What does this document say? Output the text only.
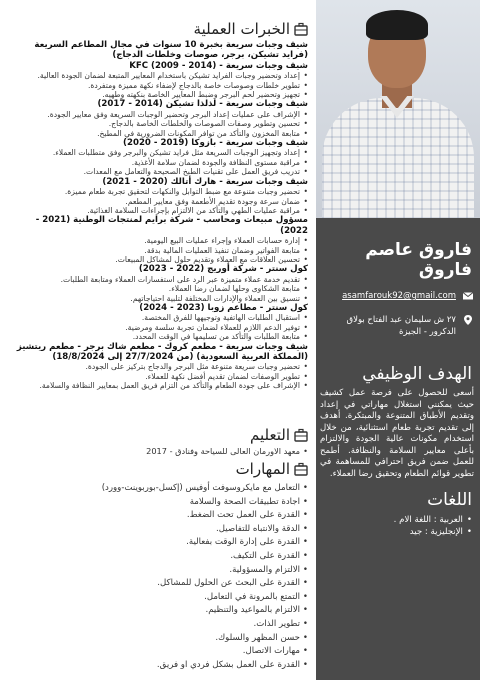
فاروق عاصم فاروق
asamfarouk92@gmail.com
٢٧ ش سليمان عبد الفتاح بولاق الدكرور - الجيزة
الهدف الوظيفي

أسعى للحصول على فرصة عمل كشيف حيث يمكنني استغلال مهاراتي في إعداد وتقديم الأطباق المتنوعة والمبتكرة. أهدف إلى تقديم تجربة طعام استثنائية، من خلال استخدام مكونات عالية الجودة والالتزام بأعلى معايير السلامة والنظافة. أطمح للعمل ضمن فريق احترافي للمساهمة في تطوير قوائم الطعام وتحقيق رضا العملاء.

اللغات
• العربية : اللغة الام .
• الإنجليزية : جيد
الخبرات العملية
شيف وجبات سريعة بخبرة 10 سنوات في مجال المطاعم السريعة (فرايد تشيكن، برجر، صوصات وخلطات الدجاج)
شيف وجبات سريعة - KFC (2009 - 2014)
• إعداد وتحضير وجبات الفرايد تشيكن باستخدام المعايير المتبعة لضمان الجودة العالية.
• تطوير خلطات وصوصات خاصة بالدجاج لإضفاء نكهة مميزة ومتفردة.
• تجهيز وتحضير لحم البرجر وضبط المعايير الخاصة بنكهته وطهيه.
شيف وجبات سريعة - لذلذا تشيكن (2014 - 2017)
• الإشراف على عمليات إعداد البرجر وتحضير الوجبات السريعة وفق معايير الجودة.
• تحسين وتطوير وصفات الصوصات والخلطات الخاصة بالدجاج.
• متابعة المخزون والتأكد من توافر المكونات الضرورية في المطبخ.
شيف وجبات سريعة - بازوكا (2019 - 2020)
• إعداد وتجهيز الوجبات السريعة مثل فرايد تشيكن والبرجر وفق متطلبات العملاء.
• مراقبة مستوى النظافة والجودة لضمان سلامة الأغذية.
• تدريب فريق العمل على تقنيات الطبخ الصحيحة والتعامل مع المعدات.
شيف وجبات سريعة - هارك أتالك (2020 - 2021)
• تحضير وجبات متنوعة مع ضبط التوابل والنكهات لتحقيق تجربة طعام مميزة.
• ضمان سرعة وجودة تقديم الأطعمة وفق معايير المطعم.
• مراقبة عمليات الطهي والتأكد من الالتزام بإجراءات السلامة الغذائية.
مسؤول مبيعات ومحاسب - شركة برايم لمنتجات الوطنية (2021 - 2022)
• إدارة حسابات العملاء وإجراء عمليات البيع اليومية.
• متابعة الفواتير وضمان تنفيذ العمليات المالية بدقة.
• تحسين العلاقات مع العملاء وتقديم حلول لمشاكل المبيعات.
كول سنتر - شركة أوريج (2022 - 2023)
• تقديم خدمة عملاء متميزة عبر الرد على استفسارات العملاء ومتابعة الطلبات.
• متابعة الشكاوى وحلها لضمان رضا العملاء.
• تنسيق بين العملاء والإدارات المختلفة لتلبية احتياجاتهم.
كول سنتر - مطاعم زوبا (2023 - 2024)
• استقبال الطلبات الهاتفية وتوجيهها للفرق المختصة.
• توفير الدعم اللازم للعملاء لضمان تجربة سلسة ومرضية.
• متابعة الطلبات والتأكد من تسليمها في الوقت المحدد.
شيف وجبات سريعة - مطعم كروك - مطعم شاك برجر - مطعم ريتشيز (المملكة العربية السعودية) (من 27/7/2024 إلى 18/8/2024)
• تحضير وجبات سريعة متنوعة مثل البرجر والدجاج بتركيز على الجودة.
• تطوير الوصفات لضمان تقديم أفضل نكهة للعملاء.
• الإشراف على جودة الطعام والتأكد من التزام فريق العمل بمعايير النظافة والسلامة.
التعليم
• معهد الاورمان العالى للسياحة وفنادق - 2017
المهارات
• التعامل مع مايكروسوفت أوفيس (إكسل-بوربوينت-وورد)
• اجادة تطبيقات الصحة والسلامة
• القدرة على العمل تحت الضغط.
• الدقة والانتباه للتفاصيل.
• القدرة على إدارة الوقت بفعالية.
• القدرة على التكيف.
• الالتزام والمسؤولية.
• القدرة على البحث عن الحلول للمشاكل.
• التمتع بالمرونة في التعامل.
• الالتزام بالمواعيد والتنظيم.
• تطوير الذات.
• حسن المظهر والسلوك.
• مهارات الاتصال.
• القدرة على العمل بشكل فردي او فريق.
